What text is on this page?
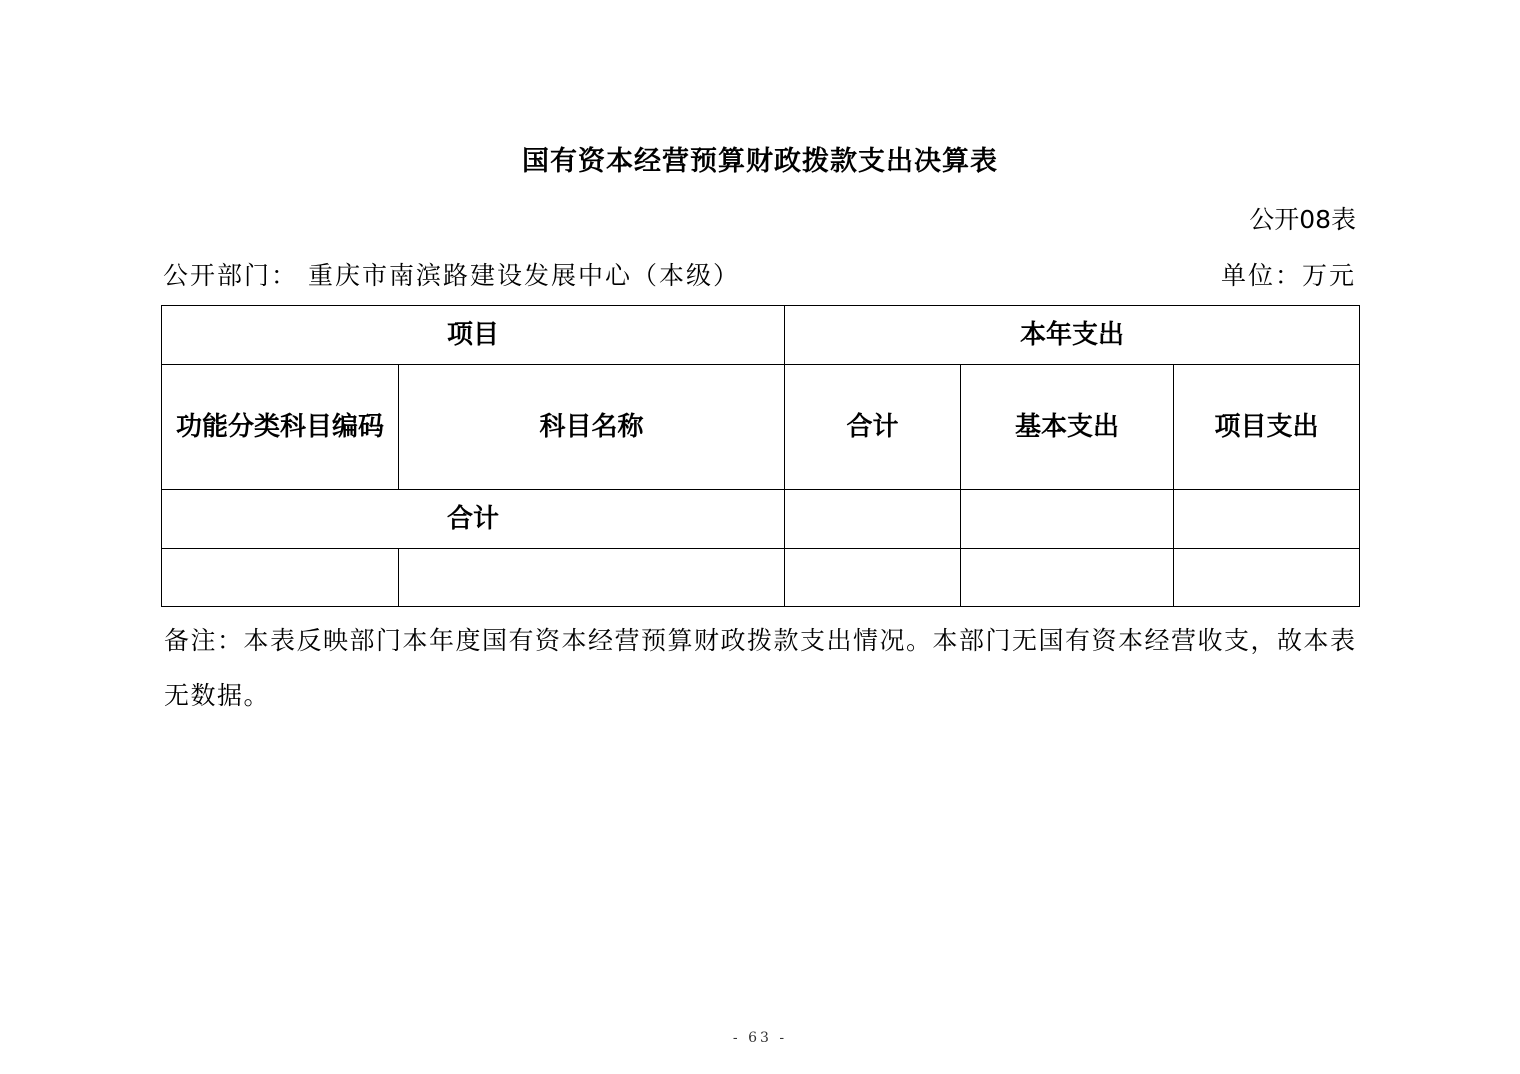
国有资本经营预算财政拨款支出决算表
公开08表
公开部门： 重庆市南滨路建设发展中心（本级）	单位：万元
项目		本年支出		
功能分类科目编码	科目名称	合计	基本支出	项目支出
合计				

备注：本表反映部门本年度国有资本经营预算财政拨款支出情况。本部门无国有资本经营收支，故本表无数据。
- 63 -
